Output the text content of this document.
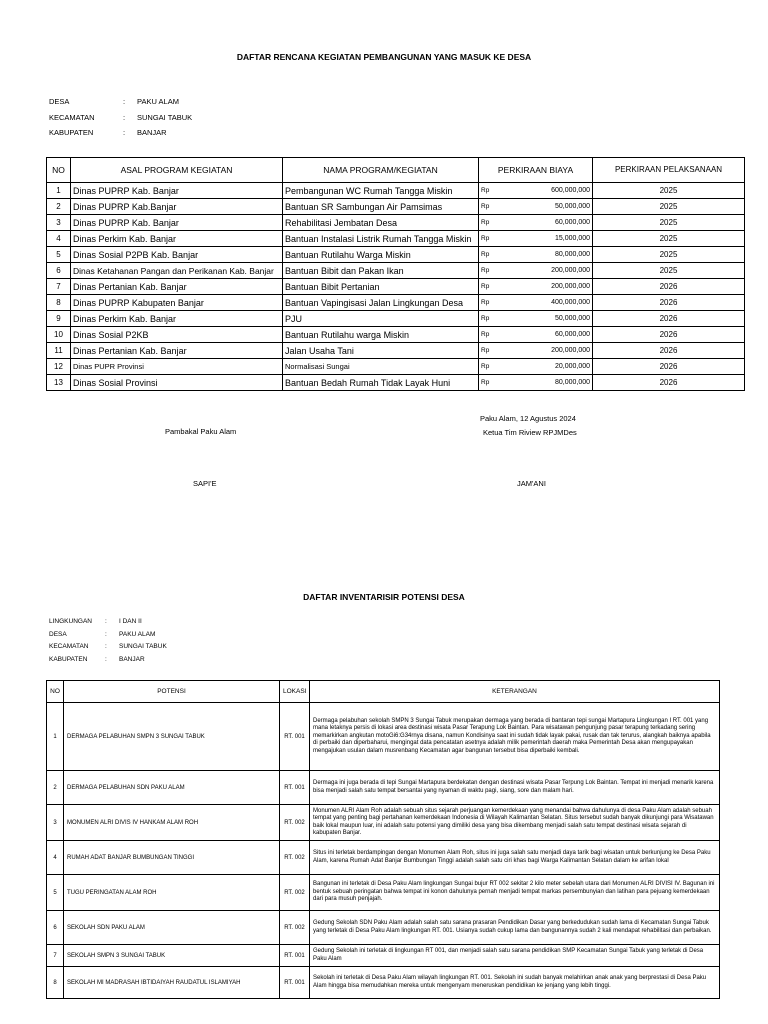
DAFTAR RENCANA KEGIATAN PEMBANGUNAN YANG MASUK KE DESA
DESA	:	PAKU ALAM
KECAMATAN	:	SUNGAI TABUK
KABUPATEN	:	BANJAR
NO	ASAL PROGRAM KEGIATAN	NAMA PROGRAM/KEGIATAN	PERKIRAAN BIAYA		PERKIRAAN PELAKSANAAN
1	Dinas PUPRP Kab. Banjar	Pembangunan WC Rumah Tangga Miskin	Rp	600,000,000	2025
2	Dinas PUPRP Kab.Banjar	Bantuan SR Sambungan Air Pamsimas	Rp	50,000,000	2025
3	Dinas PUPRP Kab. Banjar	Rehabilitasi Jembatan Desa	Rp	60,000,000	2025
4	Dinas Perkim Kab. Banjar	Bantuan Instalasi Listrik Rumah Tangga Miskin	Rp	15,000,000	2025
5	Dinas Sosial P2PB Kab. Banjar	Bantuan Rutilahu Warga Miskin	Rp	80,000,000	2025
6	Dinas Ketahanan Pangan dan Perikanan Kab. Banjar	Bantuan Bibit dan Pakan Ikan	Rp	200,000,000	2025
7	Dinas Pertanian Kab. Banjar	Bantuan Bibit Pertanian	Rp	200,000,000	2026
8	Dinas PUPRP Kabupaten Banjar	Bantuan Vapingisasi Jalan Lingkungan Desa	Rp	400,000,000	2026
9	Dinas Perkim Kab. Banjar	PJU	Rp	50,000,000	2026
10	Dinas Sosial P2KB	Bantuan Rutilahu warga Miskin	Rp	60,000,000	2026
11	Dinas Pertanian Kab. Banjar	Jalan Usaha Tani	Rp	200,000,000	2026
12	Dinas PUPR Provinsi	Normalisasi Sungai	Rp	20,000,000	2026
13	Dinas Sosial Provinsi	Bantuan Bedah Rumah Tidak Layak Huni	Rp	80,000,000	2026
Paku Alam, 12 Agustus 2024
Pambakal Paku Alam	Ketua Tim Riview RPJMDes
SAPI'E	JAM'ANI
DAFTAR INVENTARISIR POTENSI DESA
LINGKUNGAN	:	I DAN II
DESA	:	PAKU ALAM
KECAMATAN	:	SUNGAI TABUK
KABUPATEN	:	BANJAR
NO	POTENSI	LOKASI	KETERANGAN
1	DERMAGA PELABUHAN SMPN 3 SUNGAI TABUK	RT. 001	Dermaga pelabuhan sekolah SMPN 3 Sungai Tabuk merupakan dermaga yang berada di bantaran tepi sungai Martapura Lingkungan I RT. 001 yang mana letaknya persis di lokasi area destinasi wisata Pasar Terapung Lok Baintan. Para wisatawan pengunjung pasar terapung terkadang sering memarkirkan angkutan motoGi6:G34rnya disana, namun Kondisinya saat ini sudah tidak layak pakai, rusak dan tak terurus, alangkah baiknya apabila di perbaiki dan diperbaharui, mengingat data pencatatan asetnya adalah milik pemerintah daerah maka Pemerintah Desa akan mengupayakan mengajukan usulan dalam musrenbang Kecamatan agar bangunan tersebut bisa diperbaiki kembali.
2	DERMAGA PELABUHAN SDN PAKU ALAM	RT. 001	Dermaga ini juga berada di tepi Sungai Martapura berdekatan dengan destinasi wisata Pasar Terpung Lok Baintan. Tempat ini menjadi menarik karena bisa menjadi salah satu tempat bersantai yang nyaman di waktu pagi, siang, sore dan malam hari.
3	MONUMEN ALRI DIVIS IV HANKAM ALAM ROH	RT. 002	Monumen ALRI Alam Roh adalah sebuah situs sejarah perjuangan kemerdekaan yang menandai bahwa dahulunya di desa Paku Alam adalah sebuah tempat yang penting bagi pertahanan kemerdekaan Indonesia di Wilayah Kalimantan Selatan. Situs tersebut sudah banyak dikunjungi para Wisatawan baik lokal maupun luar, ini adalah satu potensi yang dimiliki desa yang bisa dikembang menjadi salah satu tempat destinasi wisata sejarah di kabupaten Banjar.
4	RUMAH ADAT BANJAR BUMBUNGAN TINGGI	RT. 002	Situs ini terletak berdampingan dengan Monumen Alam Roh, situs ini juga salah satu menjadi daya tarik bagi wisatan untuk berkunjung ke Desa Paku Alam, karena Rumah Adat Banjar Bumbungan Tinggi adalah salah satu ciri khas bagi Warga Kalimantan Selatan dalam ke arifan lokal
5	TUGU PERINGATAN ALAM ROH	RT. 002	Bangunan ini terletak di Desa Paku Alam lingkungan Sungai bujur RT 002 sekitar 2 kilo meter sebelah utara dari Monumen ALRI DIVISI IV. Bagunan ini bentuk sebuah peringatan bahwa tempat ini konon dahulunya pernah menjadi tempat markas persembunyian dan latihan para pejuang kemerdekaan dari para musuh penjajah.
6	SEKOLAH SDN PAKU ALAM	RT. 002	Gedung Sekolah SDN Paku Alam adalah salah satu sarana prasaran Pendidikan Dasar yang berkedudukan sudah lama di Kecamatan Sungai Tabuk yang terletak di Desa Paku Alam lingkungan RT. 001. Usianya sudah cukup lama dan bangunannya sudah 2 kali mendapat rehabilitasi dan perbaikan.
7	SEKOLAH SMPN 3 SUNGAI TABUK	RT. 001	Gedung Sekolah ini terletak di lingkungan RT 001, dan menjadi salah satu sarana pendidikan SMP Kecamatan Sungai Tabuk yang terletak di Desa Paku Alam
8	SEKOLAH MI MADRASAH IBTIDAIYAH RAUDATUL ISLAMIYAH	RT. 001	Sekolah ini terletak di Desa Paku Alam wilayah lingkungan RT. 001. Sekolah ini sudah banyak melahirkan anak anak yang berprestasi di Desa Paku Alam hingga bisa memudahkan mereka untuk mengenyam meneruskan pendidikan ke jenjang yang lebih tinggi.
